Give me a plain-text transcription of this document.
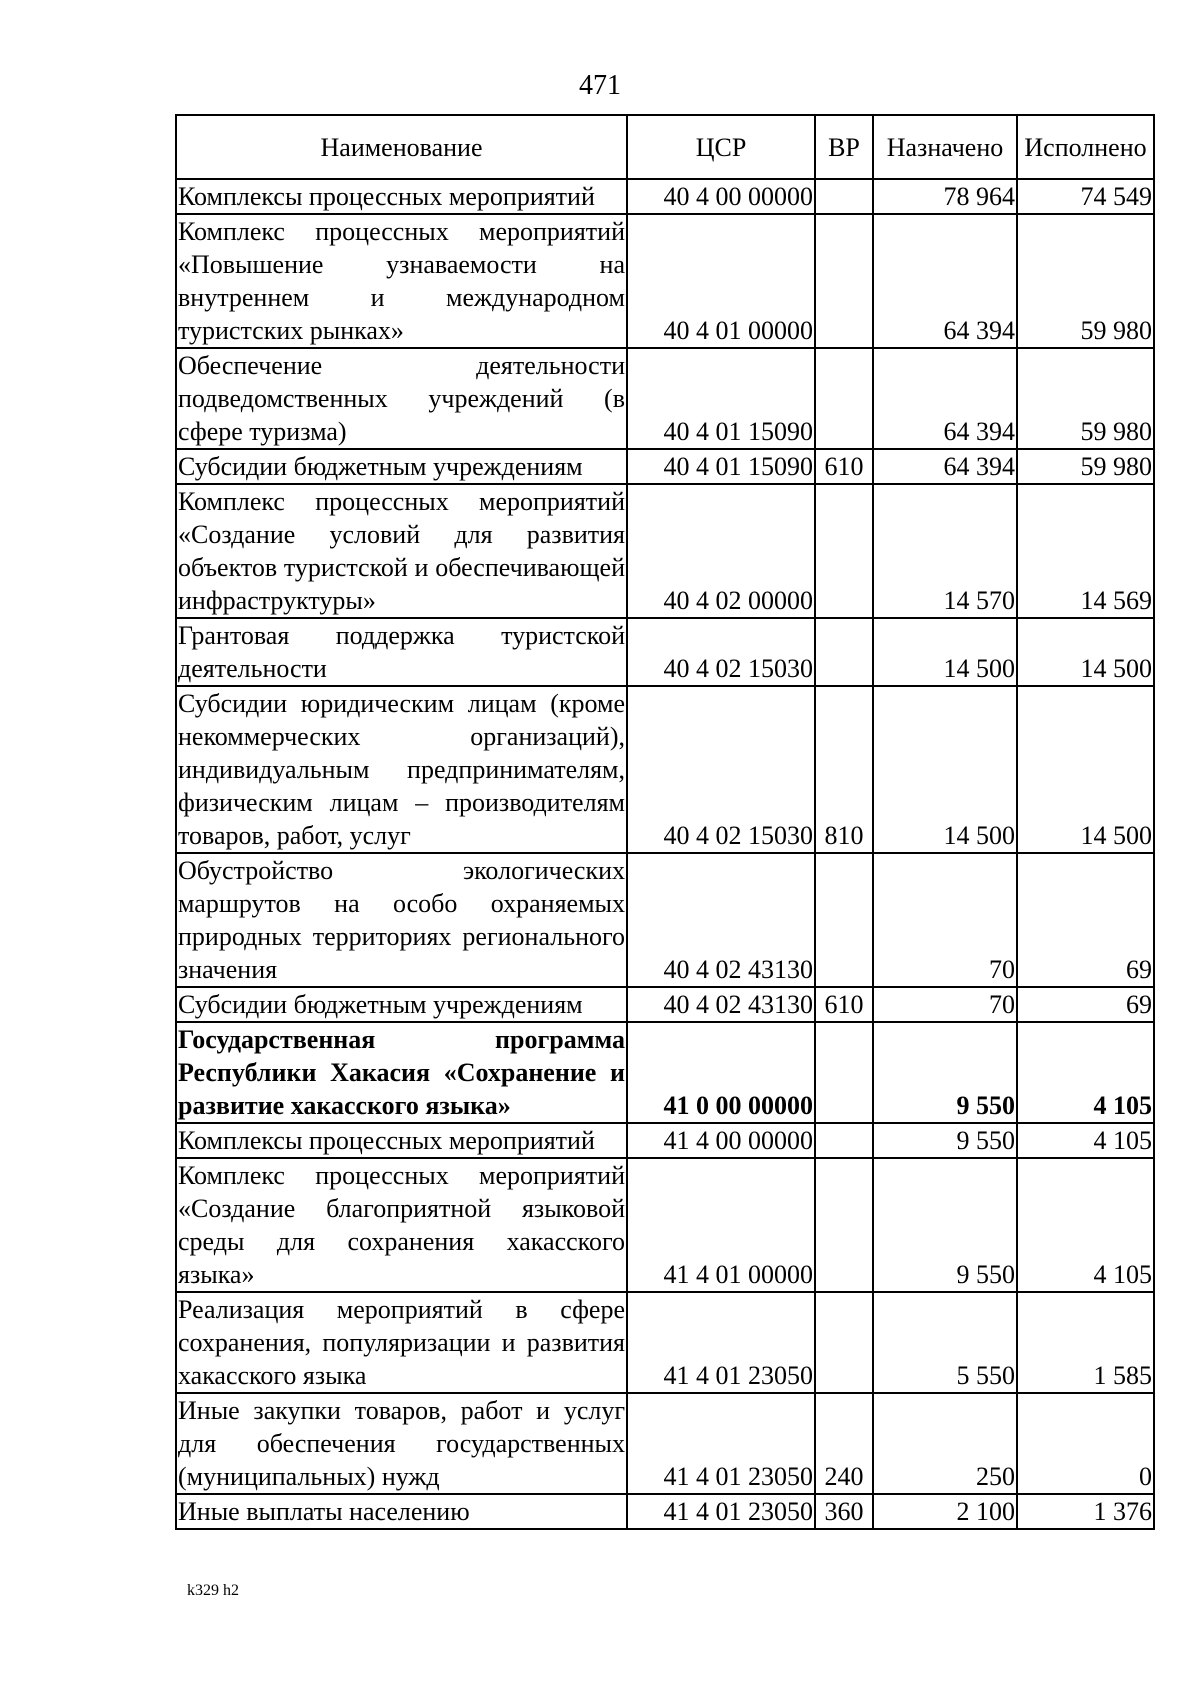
471
Наименование	ЦСР	ВР	Назначено	Исполнено
Комплексы процессных мероприятий	40 4 00 00000		78 964	74 549
Комплекс процессных мероприятий «Повышение узнаваемости на внутреннем и международном туристских рынках»	40 4 01 00000		64 394	59 980
Обеспечение деятельности подведомственных учреждений (в сфере туризма)	40 4 01 15090		64 394	59 980
Субсидии бюджетным учреждениям	40 4 01 15090	610	64 394	59 980
Комплекс процессных мероприятий «Создание условий для развития объектов туристской и обеспечивающей инфраструктуры»	40 4 02 00000		14 570	14 569
Грантовая поддержка туристской деятельности	40 4 02 15030		14 500	14 500
Субсидии юридическим лицам (кроме некоммерческих организаций), индивидуальным предпринимателям, физическим лицам – производителям товаров, работ, услуг	40 4 02 15030	810	14 500	14 500
Обустройство экологических маршрутов на особо охраняемых природных территориях регионального значения	40 4 02 43130		70	69
Субсидии бюджетным учреждениям	40 4 02 43130	610	70	69
Государственная программа Республики Хакасия «Сохранение и развитие хакасского языка»	41 0 00 00000		9 550	4 105
Комплексы процессных мероприятий	41 4 00 00000		9 550	4 105
Комплекс процессных мероприятий «Создание благоприятной языковой среды для сохранения хакасского языка»	41 4 01 00000		9 550	4 105
Реализация мероприятий в сфере сохранения, популяризации и развития хакасского языка	41 4 01 23050		5 550	1 585
Иные закупки товаров, работ и услуг для обеспечения государственных (муниципальных) нужд	41 4 01 23050	240	250	0
Иные выплаты населению	41 4 01 23050	360	2 100	1 376
k329 h2
